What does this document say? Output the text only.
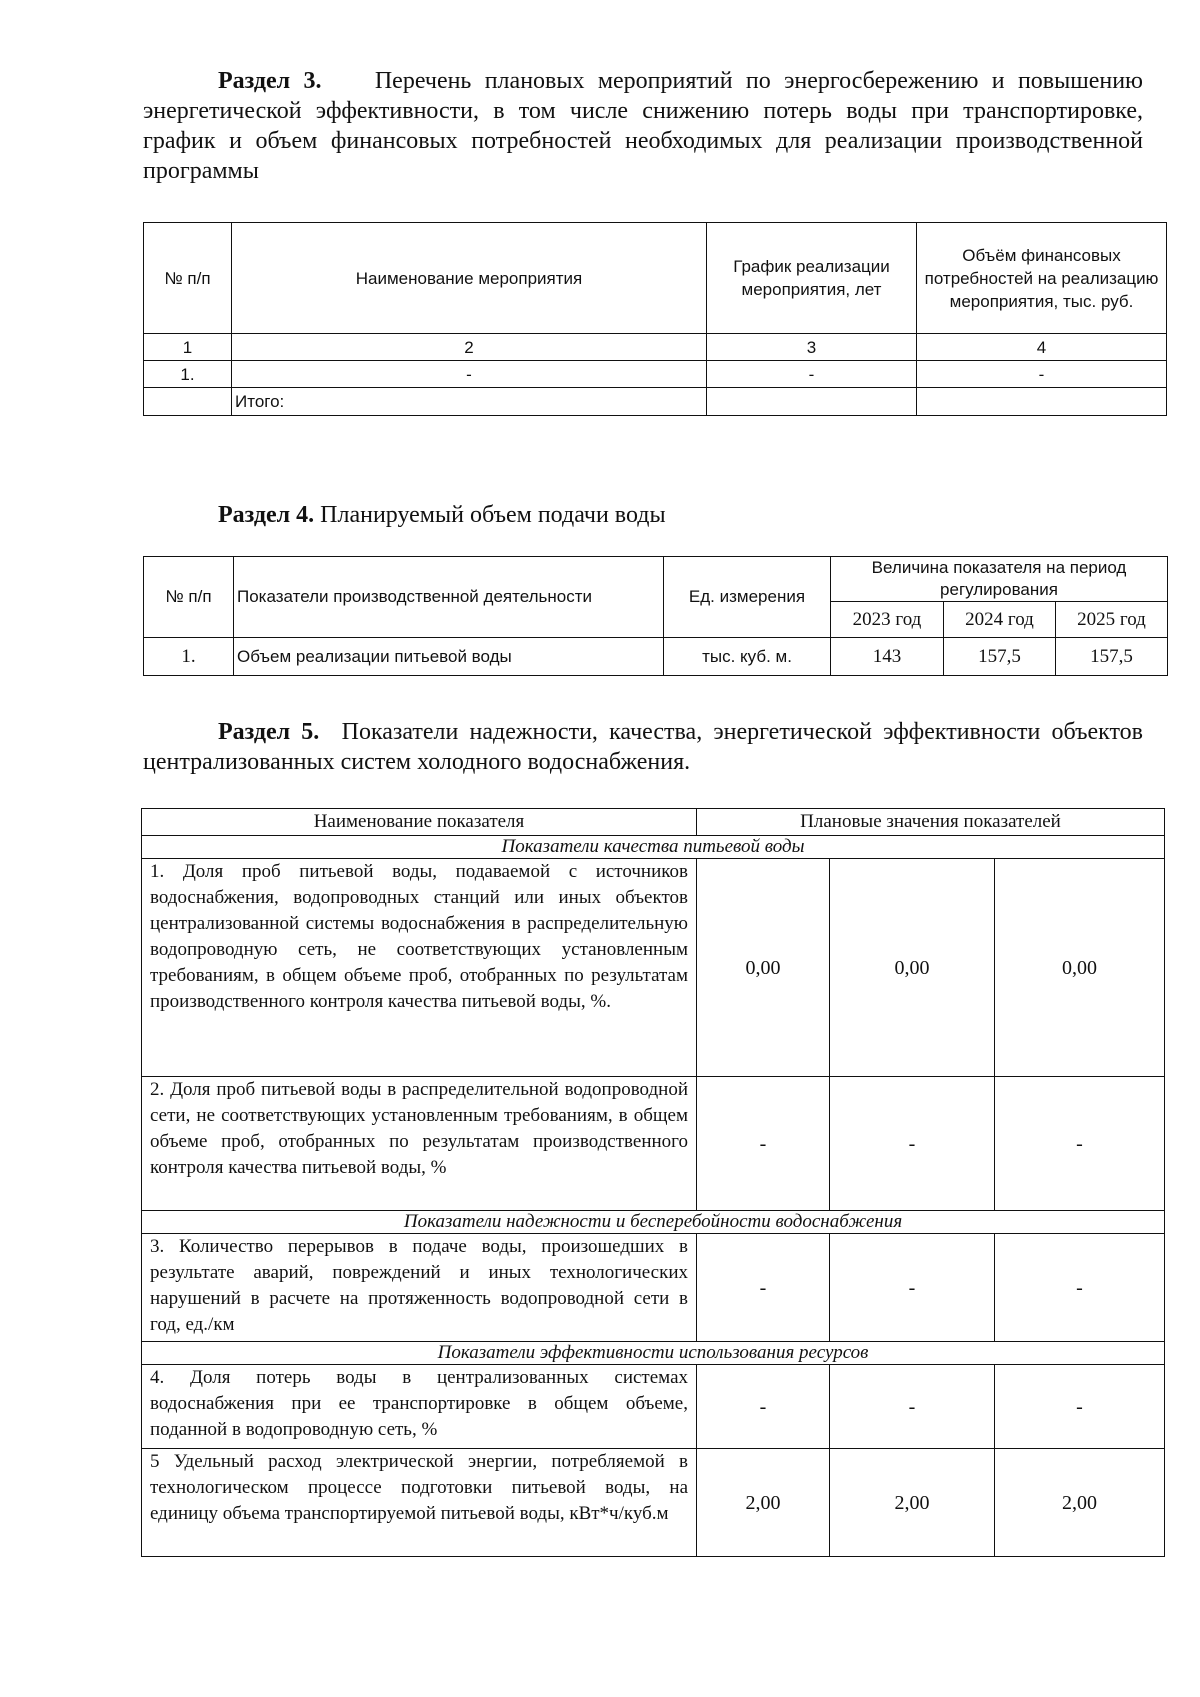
Раздел 3. Перечень плановых мероприятий по энергосбережению и повышению энергетической эффективности, в том числе снижению потерь воды при транспортировке, график и объем финансовых потребностей необходимых для реализации производственной программы
№ п/п	Наименование мероприятия	График реализации мероприятия, лет	Объём финансовых потребностей на реализацию мероприятия, тыс. руб.
1	2	3	4
1.	-	-	-
	Итого:		
Раздел 4. Планируемый объем подачи воды
№ п/п	Показатели производственной деятельности	Ед. измерения	Величина показателя на период регулирования		
			2023 год	2024 год	2025 год
1.	Объем реализации питьевой воды	тыс. куб. м.	143	157,5	157,5
Раздел 5. Показатели надежности, качества, энергетической эффективности объектов централизованных систем холодного водоснабжения.
Наименование показателя	Плановые значения показателей		
Показатели качества питьевой воды			
1. Доля проб питьевой воды, подаваемой с источников водоснабжения, водопроводных станций или иных объектов централизованной системы водоснабжения в распределительную водопроводную сеть, не соответствующих установленным требованиям, в общем объеме проб, отобранных по результатам производственного контроля качества питьевой воды, %.	0,00	0,00	0,00
2. Доля проб питьевой воды в распределительной водопроводной сети, не соответствующих установленным требованиям, в общем объеме проб, отобранных по результатам производственного контроля качества питьевой воды, %	-	-	-
Показатели надежности и бесперебойности водоснабжения			
3. Количество перерывов в подаче воды, произошедших в результате аварий, повреждений и иных технологических нарушений в расчете на протяженность водопроводной сети в год, ед./км	-	-	-
Показатели эффективности использования ресурсов			
4. Доля потерь воды в централизованных системах водоснабжения при ее транспортировке в общем объеме, поданной в водопроводную сеть, %	-	-	-
5 Удельный расход электрической энергии, потребляемой в технологическом процессе подготовки питьевой воды, на единицу объема транспортируемой питьевой воды, кВт*ч/куб.м	2,00	2,00	2,00
